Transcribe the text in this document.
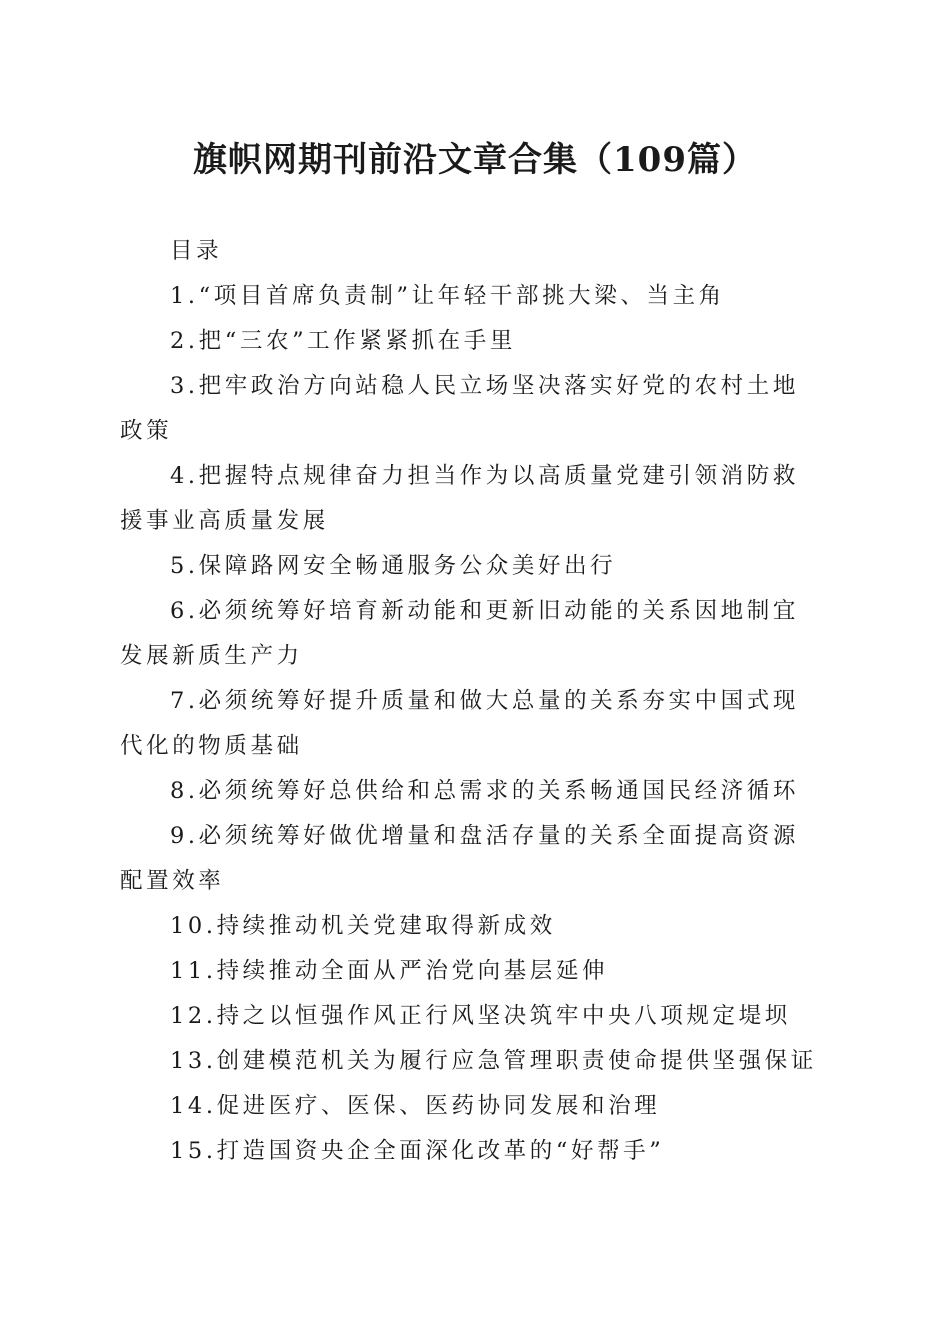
旗帜网期刊前沿文章合集（109篇）

目录

1.“项目首席负责制”让年轻干部挑大梁、当主角

2.把“三农”工作紧紧抓在手里

3.把牢政治方向站稳人民立场坚决落实好党的农村土地政策

4.把握特点规律奋力担当作为以高质量党建引领消防救援事业高质量发展

5.保障路网安全畅通服务公众美好出行

6.必须统筹好培育新动能和更新旧动能的关系因地制宜发展新质生产力

7.必须统筹好提升质量和做大总量的关系夯实中国式现代化的物质基础

8.必须统筹好总供给和总需求的关系畅通国民经济循环

9.必须统筹好做优增量和盘活存量的关系全面提高资源配置效率

10.持续推动机关党建取得新成效

11.持续推动全面从严治党向基层延伸

12.持之以恒强作风正行风坚决筑牢中央八项规定堤坝

13.创建模范机关为履行应急管理职责使命提供坚强保证

14.促进医疗、医保、医药协同发展和治理

15.打造国资央企全面深化改革的“好帮手”
